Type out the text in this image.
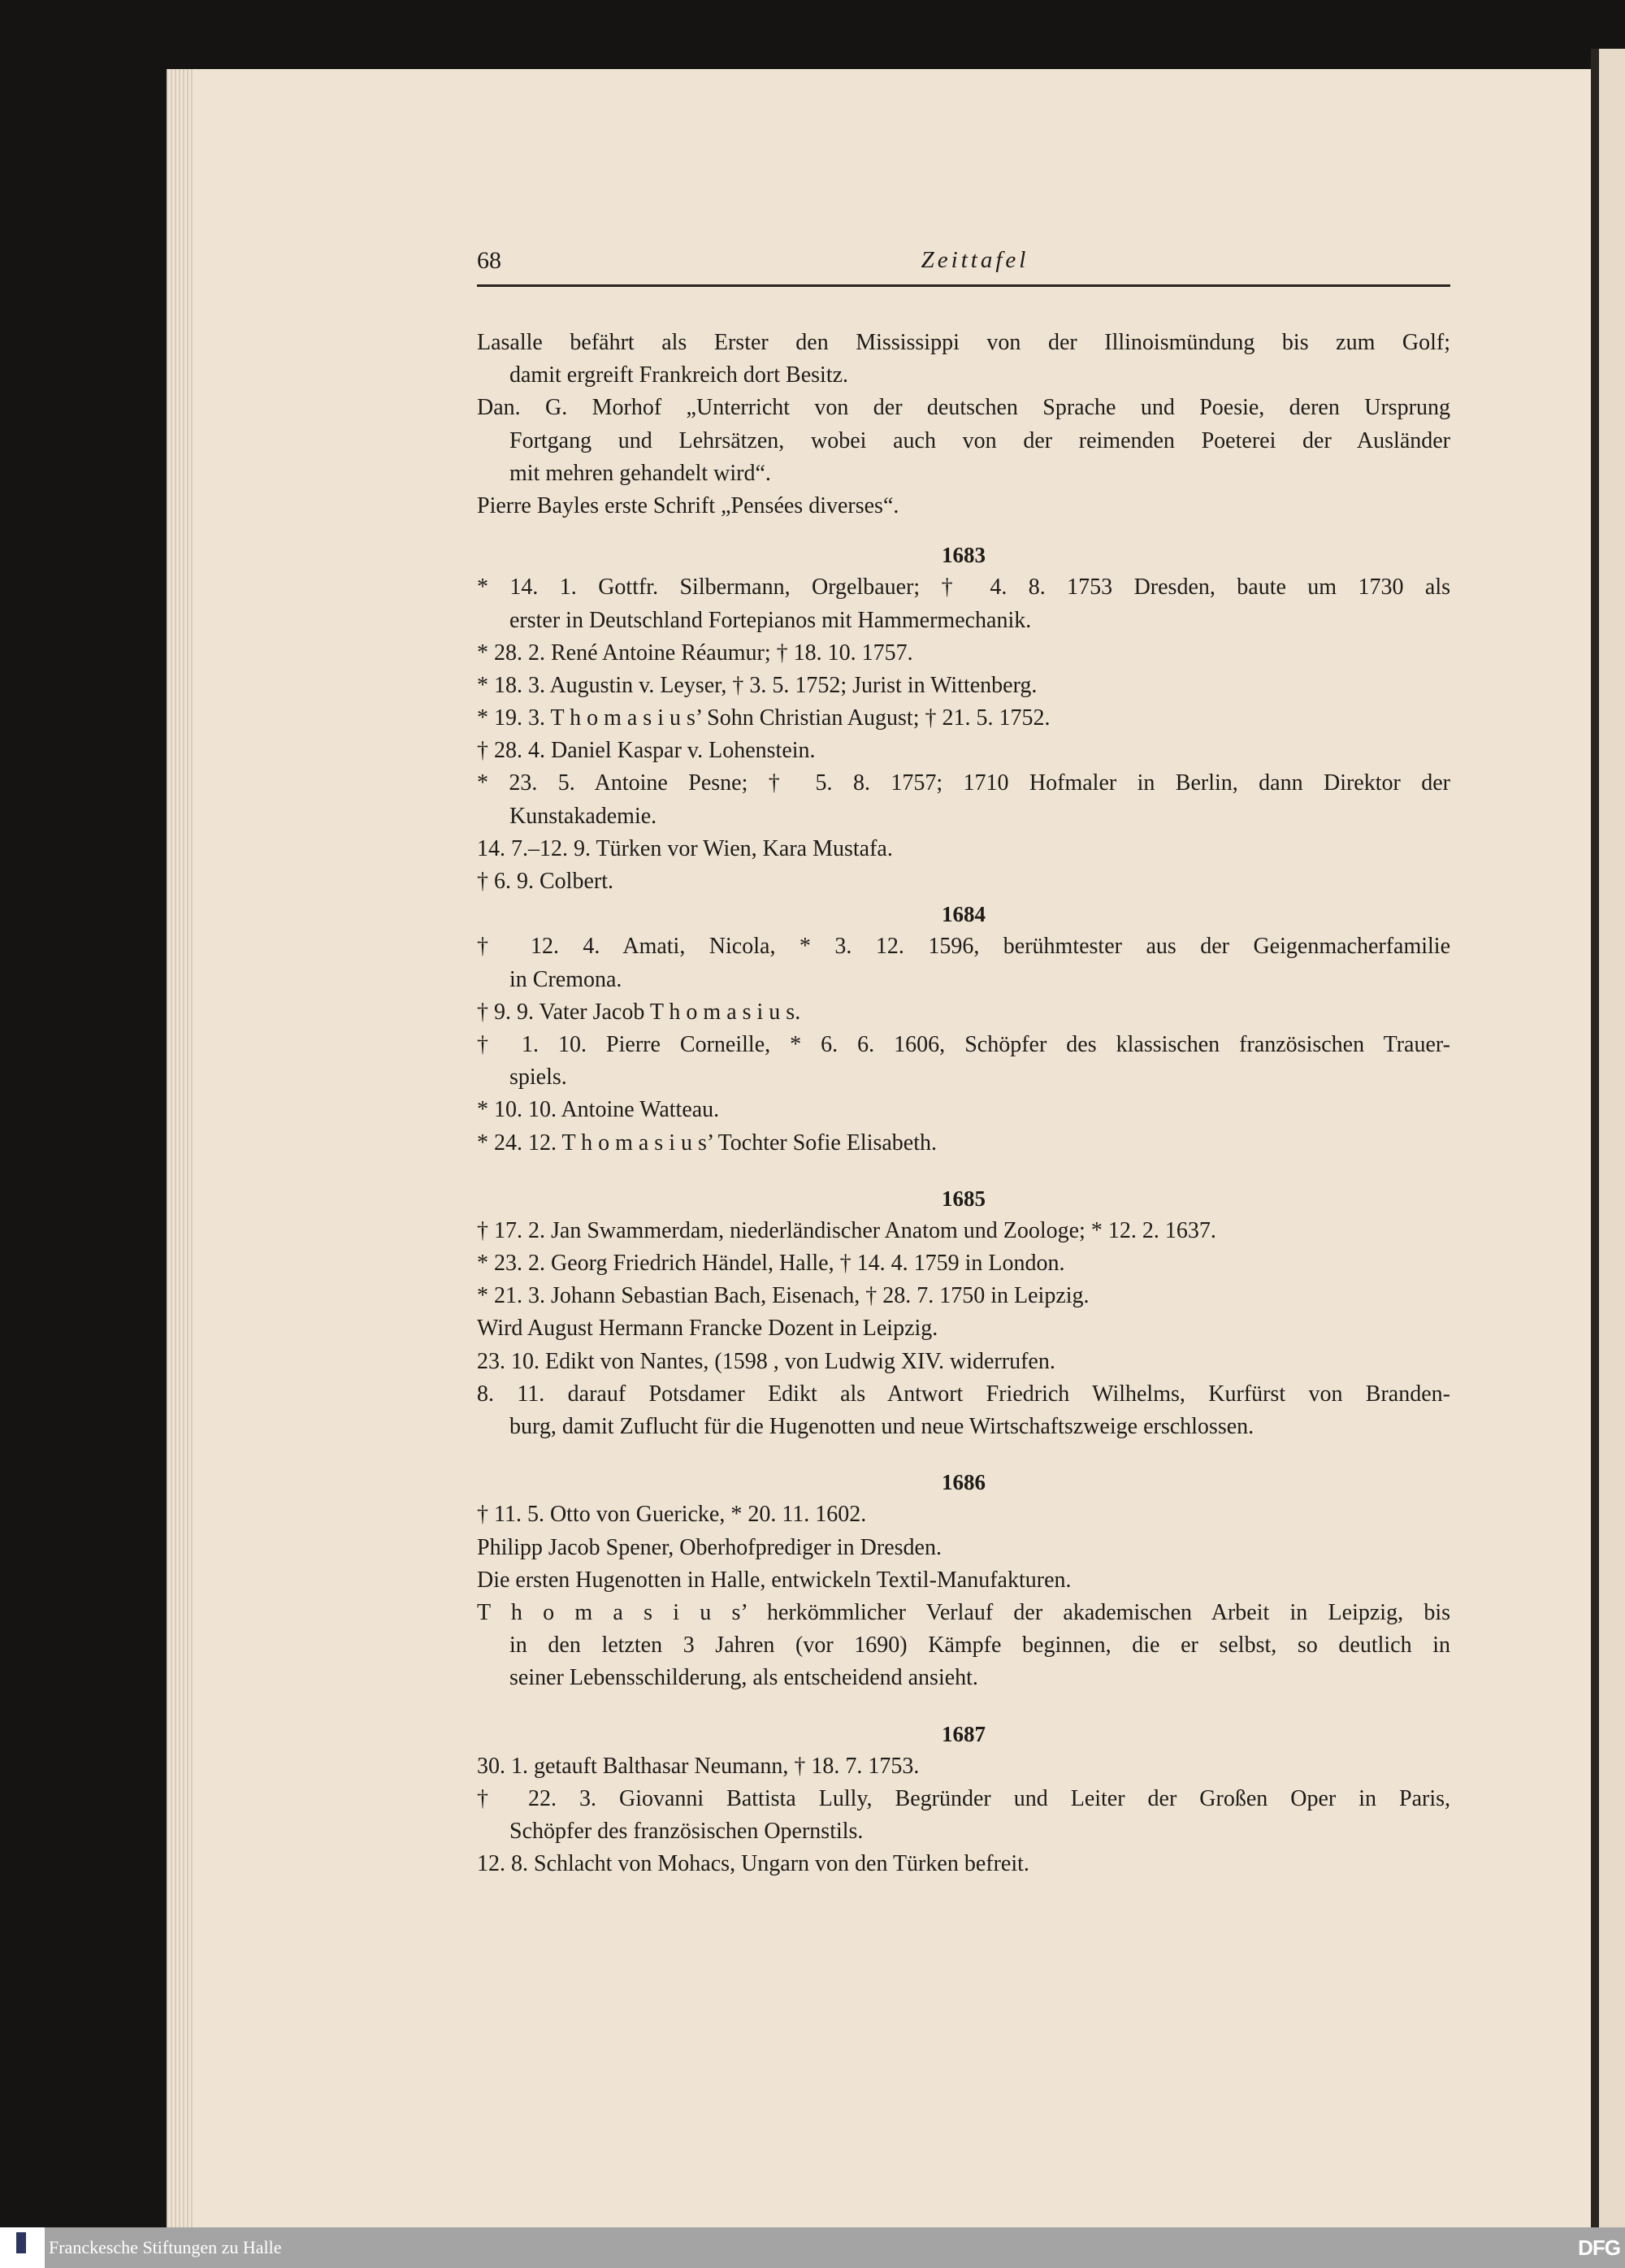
68	Zeittafel
Lasalle befährt als Erster den Mississippi von der Illinoismündung bis zum Golf;
damit ergreift Frankreich dort Besitz.
Dan. G. Morhof „Unterricht von der deutschen Sprache und Poesie, deren Ursprung
Fortgang und Lehrsätzen, wobei auch von der reimenden Poeterei der Ausländer
mit mehren gehandelt wird“.
Pierre Bayles erste Schrift „Pensées diverses“.
1683
* 14. 1. Gottfr. Silbermann, Orgelbauer; † 4. 8. 1753 Dresden, baute um 1730 als
erster in Deutschland Fortepianos mit Hammermechanik.
* 28. 2. René Antoine Réaumur; † 18. 10. 1757.
* 18. 3. Augustin v. Leyser, † 3. 5. 1752; Jurist in Wittenberg.
* 19. 3. T h o m a s i u s’ Sohn Christian August; † 21. 5. 1752.
† 28. 4. Daniel Kaspar v. Lohenstein.
* 23. 5. Antoine Pesne; † 5. 8. 1757; 1710 Hofmaler in Berlin, dann Direktor der
Kunstakademie.
14. 7.–12. 9. Türken vor Wien, Kara Mustafa.
† 6. 9. Colbert.
1684
† 12. 4. Amati, Nicola, * 3. 12. 1596, berühmtester aus der Geigenmacherfamilie
in Cremona.
† 9. 9. Vater Jacob T h o m a s i u s.
† 1. 10. Pierre Corneille, * 6. 6. 1606, Schöpfer des klassischen französischen Trauer-
spiels.
* 10. 10. Antoine Watteau.
* 24. 12. T h o m a s i u s’ Tochter Sofie Elisabeth.
1685
† 17. 2. Jan Swammerdam, niederländischer Anatom und Zoologe; * 12. 2. 1637.
* 23. 2. Georg Friedrich Händel, Halle, † 14. 4. 1759 in London.
* 21. 3. Johann Sebastian Bach, Eisenach, † 28. 7. 1750 in Leipzig.
Wird August Hermann Francke Dozent in Leipzig.
23. 10. Edikt von Nantes, (1598 , von Ludwig XIV. widerrufen.
8. 11. darauf Potsdamer Edikt als Antwort Friedrich Wilhelms, Kurfürst von Branden-
burg, damit Zuflucht für die Hugenotten und neue Wirtschaftszweige erschlossen.
1686
† 11. 5. Otto von Guericke, * 20. 11. 1602.
Philipp Jacob Spener, Oberhofprediger in Dresden.
Die ersten Hugenotten in Halle, entwickeln Textil-Manufakturen.
T h o m a s i u s’ herkömmlicher Verlauf der akademischen Arbeit in Leipzig, bis
in den letzten 3 Jahren (vor 1690) Kämpfe beginnen, die er selbst, so deutlich in
seiner Lebensschilderung, als entscheidend ansieht.
1687
30. 1. getauft Balthasar Neumann, † 18. 7. 1753.
† 22. 3. Giovanni Battista Lully, Begründer und Leiter der Großen Oper in Paris,
Schöpfer des französischen Opernstils.
12. 8. Schlacht von Mohacs, Ungarn von den Türken befreit.
Franckesche Stiftungen zu Halle	DFG
